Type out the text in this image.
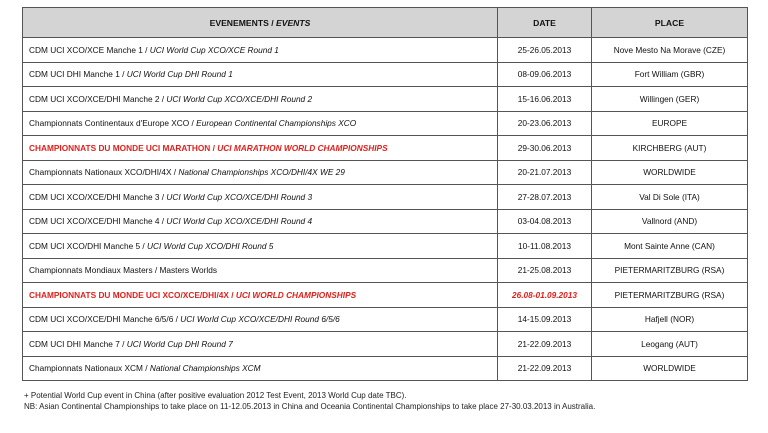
EVENEMENTS / EVENTS	DATE	PLACE
CDM UCI XCO/XCE Manche 1 / UCI World Cup XCO/XCE Round 1	25-26.05.2013	Nove Mesto Na Morave (CZE)
CDM UCI DHI Manche 1 / UCI World Cup DHI Round 1	08-09.06.2013	Fort William (GBR)
CDM UCI XCO/XCE/DHI Manche 2 / UCI World Cup XCO/XCE/DHI Round 2	15-16.06.2013	Willingen (GER)
Championnats Continentaux d'Europe XCO / European Continental Championships XCO	20-23.06.2013	EUROPE
CHAMPIONNATS DU MONDE UCI MARATHON / UCI MARATHON WORLD CHAMPIONSHIPS	29-30.06.2013	KIRCHBERG (AUT)
Championnats Nationaux XCO/DHI/4X / National Championships XCO/DHI/4X WE 29	20-21.07.2013	WORLDWIDE
CDM UCI XCO/XCE/DHI Manche 3 / UCI World Cup XCO/XCE/DHI Round 3	27-28.07.2013	Val Di Sole (ITA)
CDM UCI XCO/XCE/DHI Manche 4 / UCI World Cup XCO/XCE/DHI Round 4	03-04.08.2013	Vallnord (AND)
CDM UCI XCO/DHI Manche 5 / UCI World Cup XCO/DHI Round 5	10-11.08.2013	Mont Sainte Anne (CAN)
Championnats Mondiaux Masters / Masters Worlds	21-25.08.2013	PIETERMARITZBURG (RSA)
CHAMPIONNATS DU MONDE UCI XCO/XCE/DHI/4X / UCI WORLD CHAMPIONSHIPS	26.08-01.09.2013	PIETERMARITZBURG (RSA)
CDM UCI XCO/XCE/DHI Manche 6/5/6 / UCI World Cup XCO/XCE/DHI Round 6/5/6	14-15.09.2013	Hafjell (NOR)
CDM UCI DHI Manche 7 / UCI World Cup DHI Round 7	21-22.09.2013	Leogang (AUT)
Championnats Nationaux XCM / National Championships XCM	21-22.09.2013	WORLDWIDE
+ Potential World Cup event in China (after positive evaluation 2012 Test Event, 2013 World Cup date TBC).
NB: Asian Continental Championships to take place on 11-12.05.2013 in China and Oceania Continental Championships to take place 27-30.03.2013 in Australia.
